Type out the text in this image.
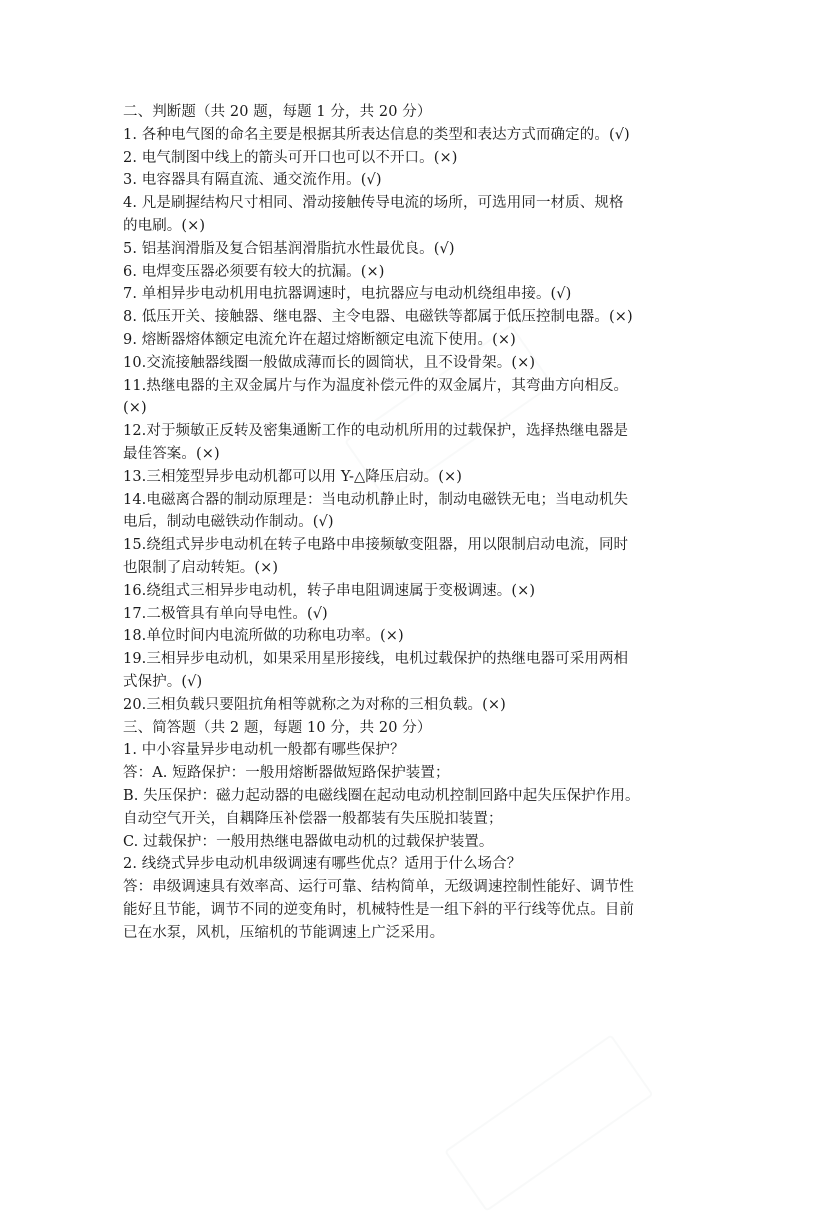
二、判断题（共 20 题，每题 1 分，共 20 分）
1. 各种电气图的命名主要是根据其所表达信息的类型和表达方式而确定的。(√)
2. 电气制图中线上的箭头可开口也可以不开口。(×)
3. 电容器具有隔直流、通交流作用。(√)
4. 凡是刷握结构尺寸相同、滑动接触传导电流的场所，可选用同一材质、规格
的电刷。(×)
5. 铝基润滑脂及复合铝基润滑脂抗水性最优良。(√)
6. 电焊变压器必须要有较大的抗漏。(×)
7. 单相异步电动机用电抗器调速时，电抗器应与电动机绕组串接。(√)
8. 低压开关、接触器、继电器、主令电器、电磁铁等都属于低压控制电器。(×)
9. 熔断器熔体额定电流允许在超过熔断额定电流下使用。(×)
10.交流接触器线圈一般做成薄而长的圆筒状，且不设骨架。(×)
11.热继电器的主双金属片与作为温度补偿元件的双金属片，其弯曲方向相反。
(×)
12.对于频敏正反转及密集通断工作的电动机所用的过载保护，选择热继电器是
最佳答案。(×)
13.三相笼型异步电动机都可以用 Y-△降压启动。(×)
14.电磁离合器的制动原理是：当电动机静止时，制动电磁铁无电；当电动机失
电后，制动电磁铁动作制动。(√)
15.绕组式异步电动机在转子电路中串接频敏变阻器，用以限制启动电流，同时
也限制了启动转矩。(×)
16.绕组式三相异步电动机，转子串电阻调速属于变极调速。(×)
17.二极管具有单向导电性。(√)
18.单位时间内电流所做的功称电功率。(×)
19.三相异步电动机，如果采用星形接线，电机过载保护的热继电器可采用两相
式保护。(√)
20.三相负载只要阻抗角相等就称之为对称的三相负载。(×)
三、简答题（共 2 题，每题 10 分，共 20 分）
1. 中小容量异步电动机一般都有哪些保护？
答：A. 短路保护：一般用熔断器做短路保护装置；
B. 失压保护：磁力起动器的电磁线圈在起动电动机控制回路中起失压保护作用。
自动空气开关，自耦降压补偿器一般都装有失压脱扣装置；
C. 过载保护：一般用热继电器做电动机的过载保护装置。
2. 线绕式异步电动机串级调速有哪些优点？适用于什么场合？
答：串级调速具有效率高、运行可靠、结构简单，无级调速控制性能好、调节性
能好且节能，调节不同的逆变角时，机械特性是一组下斜的平行线等优点。目前
已在水泵，风机，压缩机的节能调速上广泛采用。
